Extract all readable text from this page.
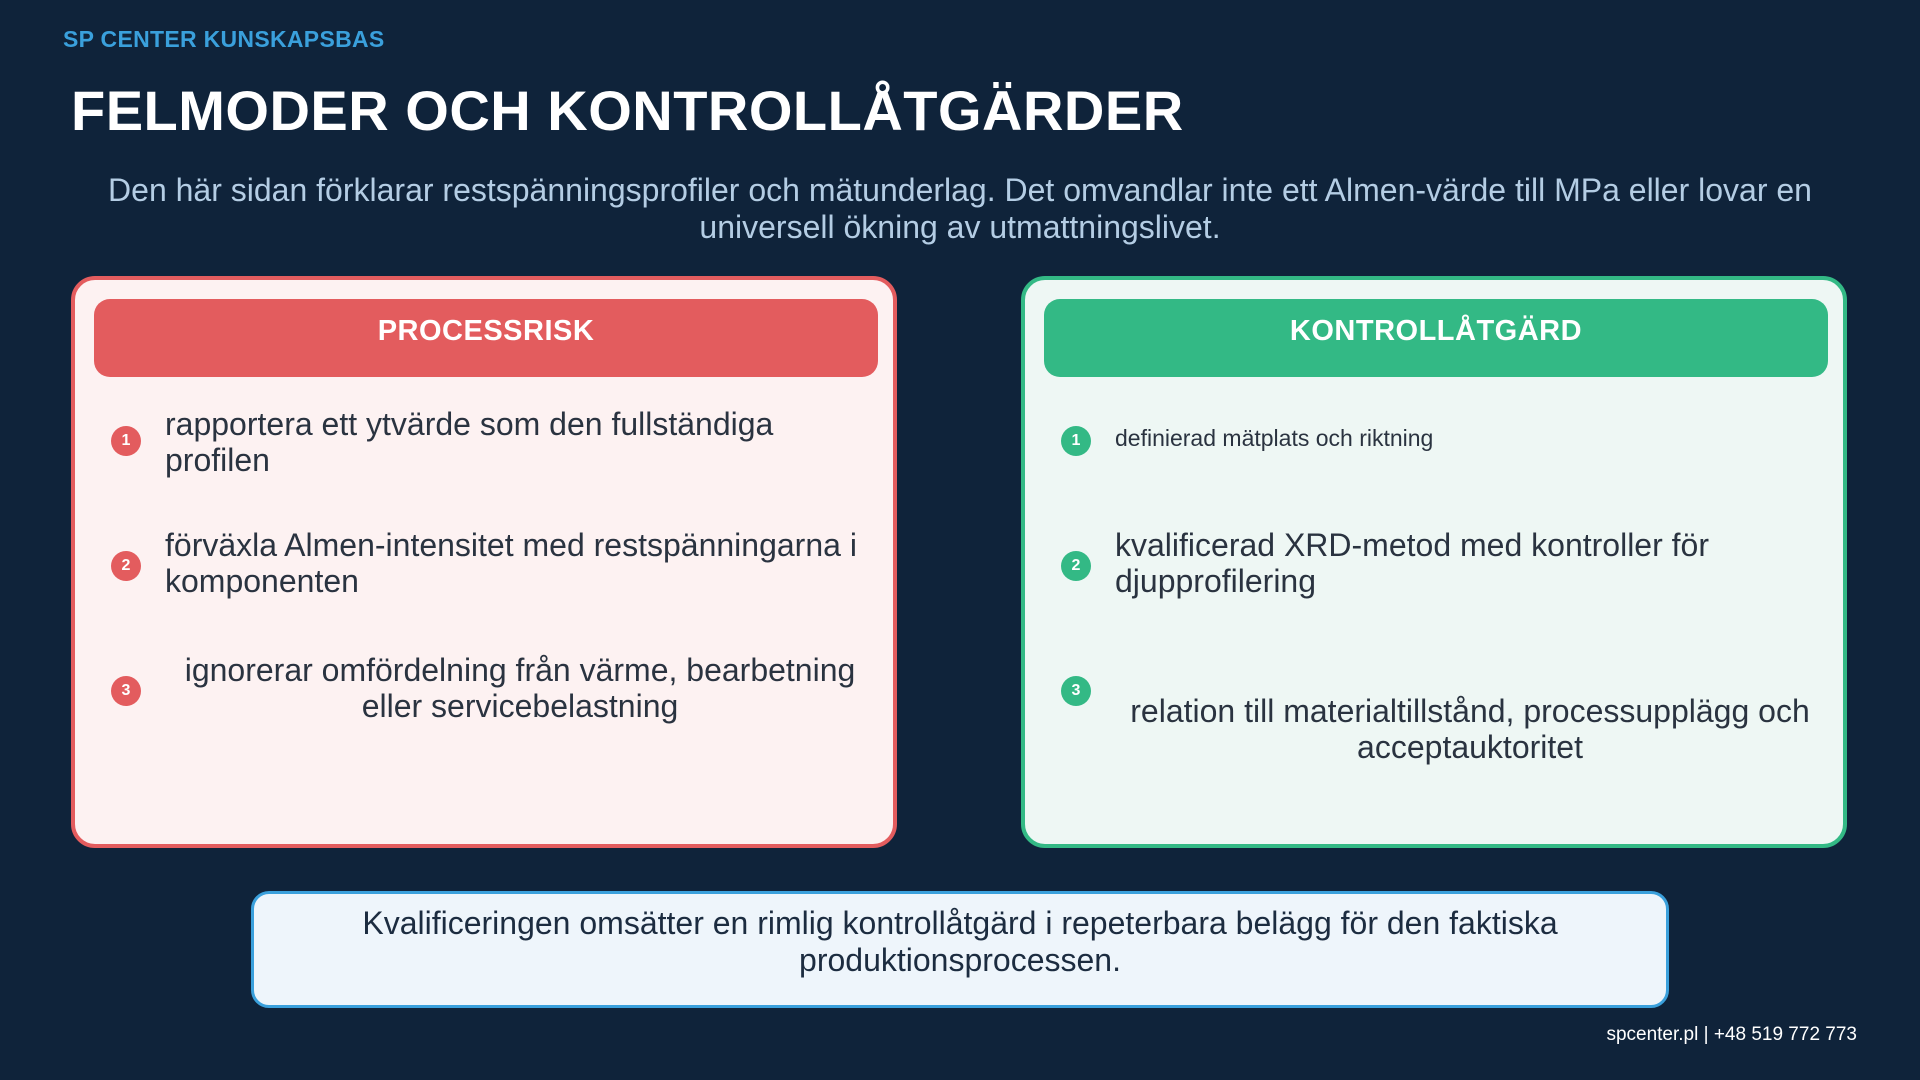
SP CENTER KUNSKAPSBAS
FELMODER OCH KONTROLLÅTGÄRDER
Den här sidan förklarar restspänningsprofiler och mätunderlag. Det omvandlar inte ett Almen-värde till MPa eller lovar en universell ökning av utmattningslivet.
PROCESSRISK
1	rapportera ett ytvärde som den fullständiga profilen
2
förväxla Almen-intensitet med restspänningarna i komponenten
3
ignorerar omfördelning från värme, bearbetning eller servicebelastning
KONTROLLÅTGÄRD
1	definierad mätplats och riktning
2
kvalificerad XRD-metod med kontroller för djupprofilering
3
relation till materialtillstånd, processupplägg och acceptauktoritet
Kvalificeringen omsätter en rimlig kontrollåtgärd i repeterbara belägg för den faktiska produktionsprocessen.
spcenter.pl | +48 519 772 773
